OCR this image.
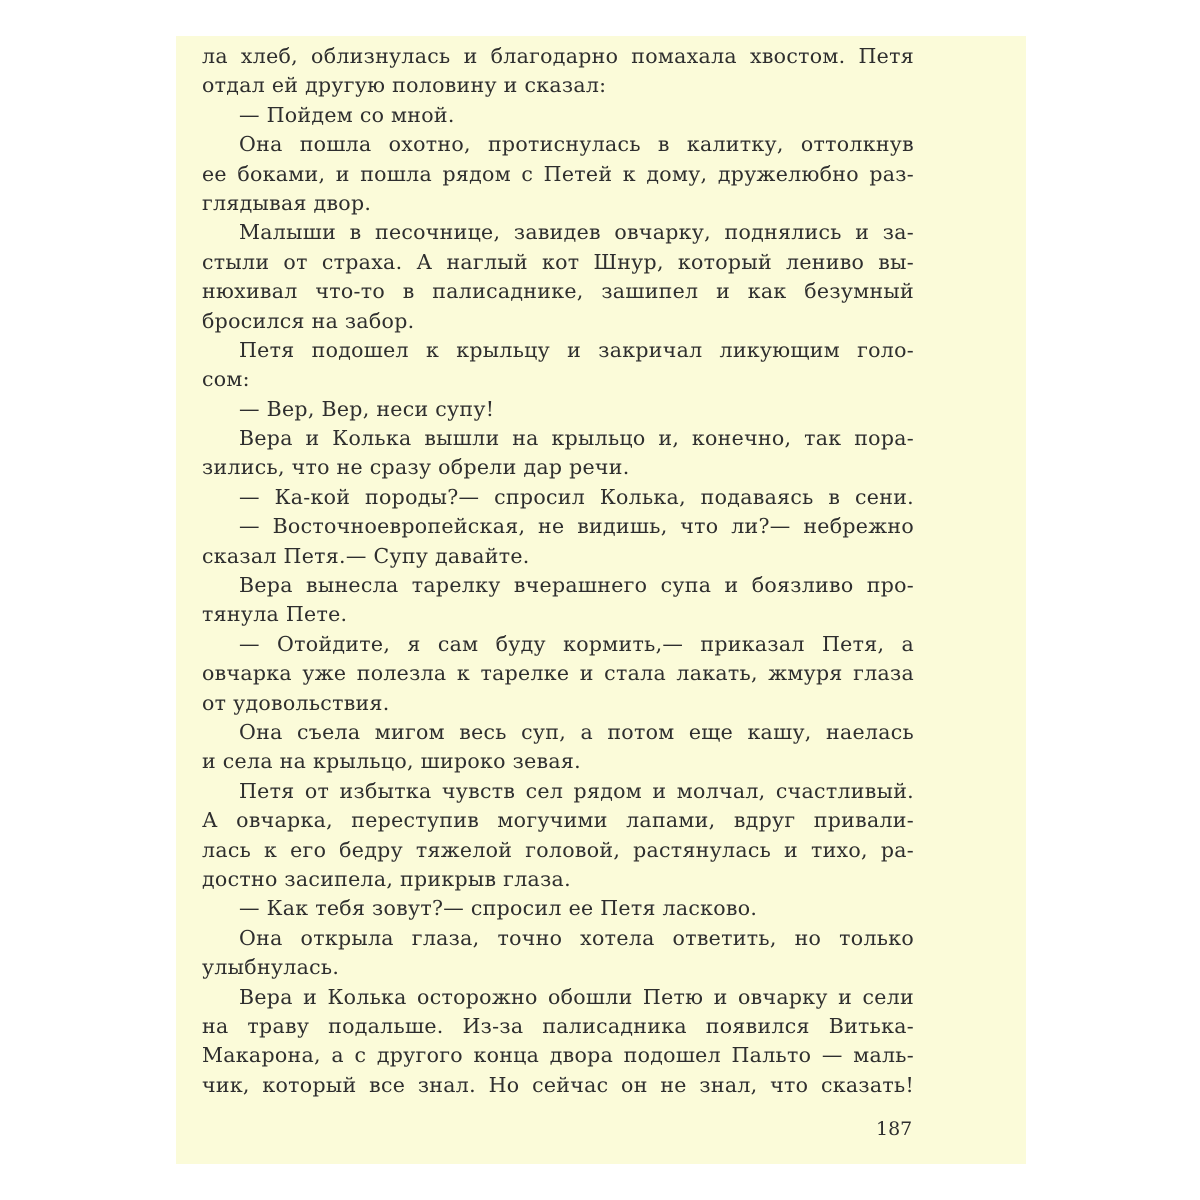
ла хлеб, облизнулась и благодарно помахала хвостом. Петя
отдал ей другую половину и сказал:
— Пойдем со мной.
Она пошла охотно, протиснулась в калитку, оттолкнув
ее боками, и пошла рядом с Петей к дому, дружелюбно раз-
глядывая двор.
Малыши в песочнице, завидев овчарку, поднялись и за-
стыли от страха. А наглый кот Шнур, который лениво вы-
нюхивал что-то в палисаднике, зашипел и как безумный
бросился на забор.
Петя подошел к крыльцу и закричал ликующим голо-
сом:
— Вер, Вер, неси супу!
Вера и Колька вышли на крыльцо и, конечно, так пора-
зились, что не сразу обрели дар речи.
— Ка-кой породы?— спросил Колька, подаваясь в сени.
— Восточноевропейская, не видишь, что ли?— небрежно
сказал Петя.— Супу давайте.
Вера вынесла тарелку вчерашнего супа и боязливо про-
тянула Пете.
— Отойдите, я сам буду кормить,— приказал Петя, а
овчарка уже полезла к тарелке и стала лакать, жмуря глаза
от удовольствия.
Она съела мигом весь суп, а потом еще кашу, наелась
и села на крыльцо, широко зевая.
Петя от избытка чувств сел рядом и молчал, счастливый.
А овчарка, переступив могучими лапами, вдруг привали-
лась к его бедру тяжелой головой, растянулась и тихо, ра-
достно засипела, прикрыв глаза.
— Как тебя зовут?— спросил ее Петя ласково.
Она открыла глаза, точно хотела ответить, но только
улыбнулась.
Вера и Колька осторожно обошли Петю и овчарку и сели
на траву подальше. Из-за палисадника появился Витька-
Макарона, а с другого конца двора подошел Пальто — маль-
чик, который все знал. Но сейчас он не знал, что сказать!
187
